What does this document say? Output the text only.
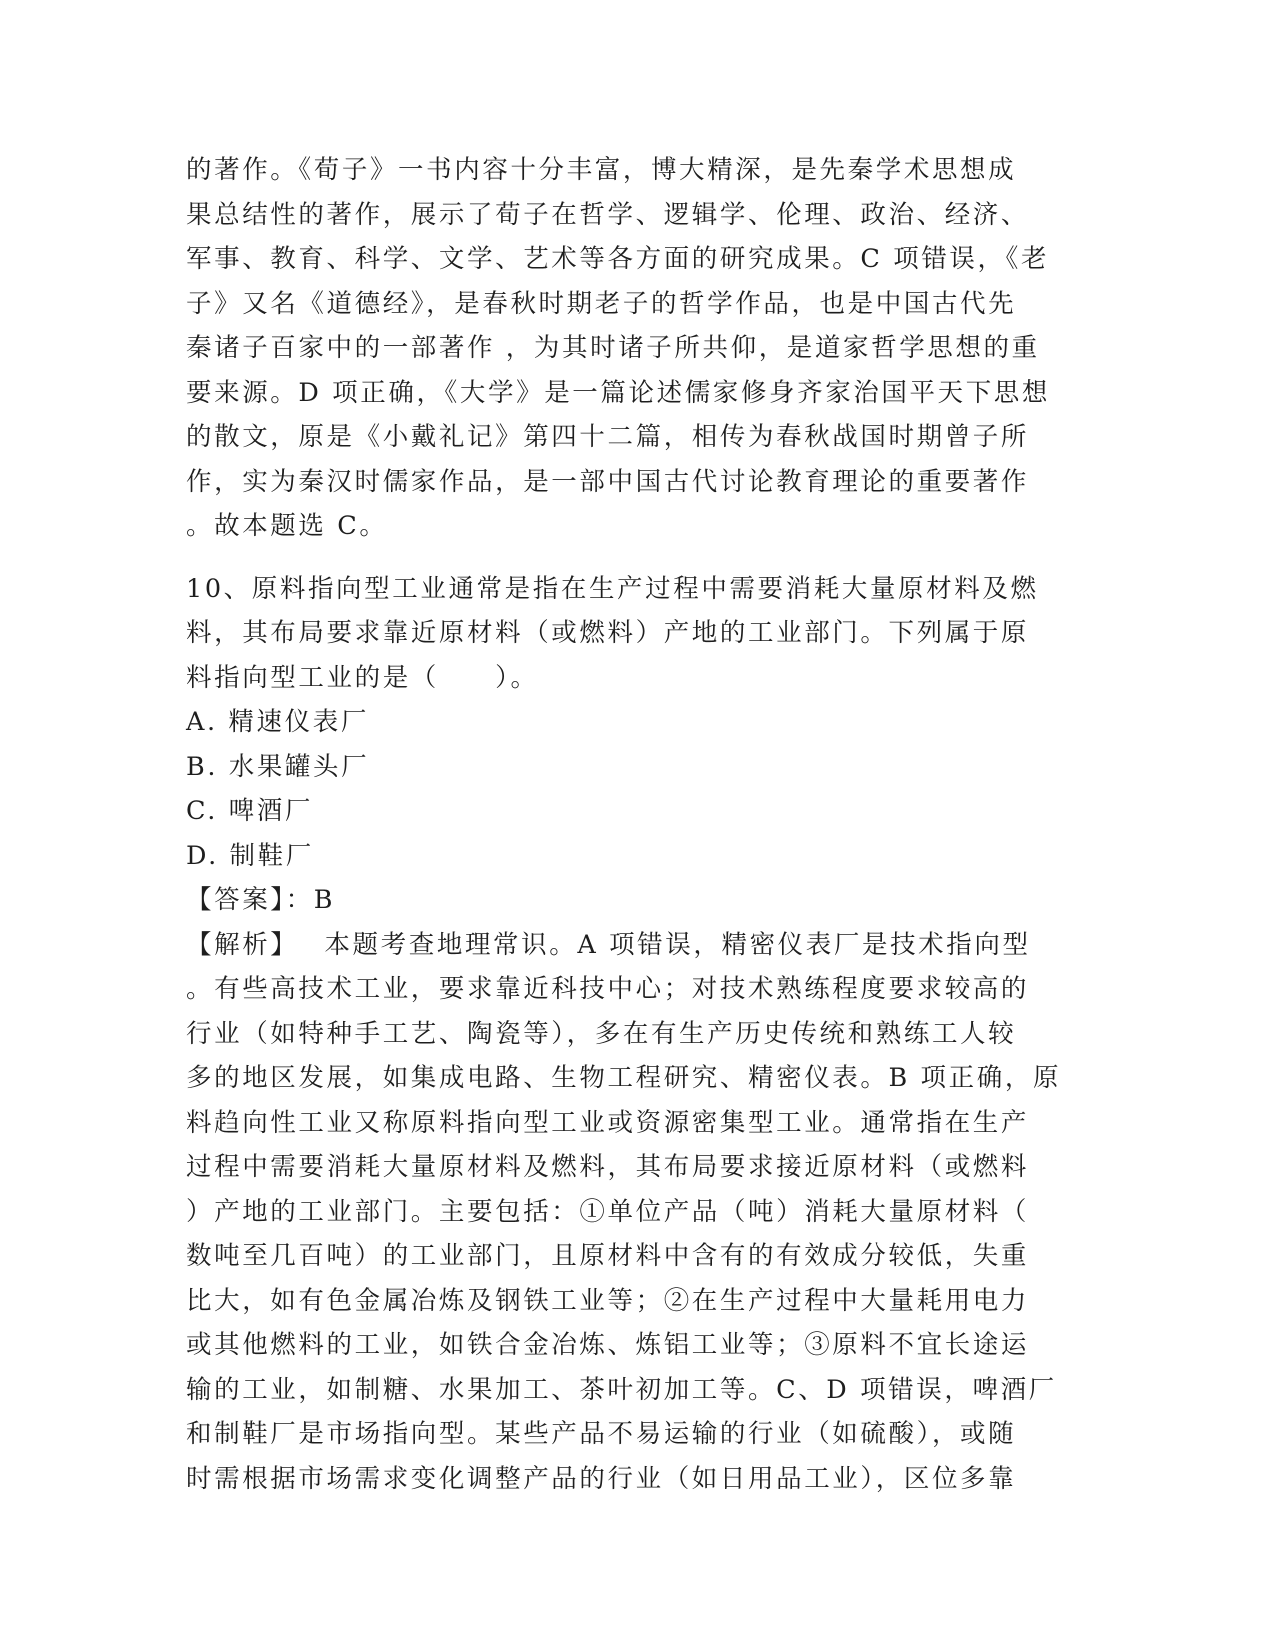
的著作。《荀子》一书内容十分丰富，博大精深，是先秦学术思想成
果总结性的著作，展示了荀子在哲学、逻辑学、伦理、政治、经济、
军事、教育、科学、文学、艺术等各方面的研究成果。C 项错误，《老
子》又名《道德经》，是春秋时期老子的哲学作品，也是中国古代先
秦诸子百家中的一部著作 ，为其时诸子所共仰，是道家哲学思想的重
要来源。D 项正确，《大学》是一篇论述儒家修身齐家治国平天下思想
的散文，原是《小戴礼记》第四十二篇，相传为春秋战国时期曾子所
作，实为秦汉时儒家作品，是一部中国古代讨论教育理论的重要著作
。故本题选 C。
10、原料指向型工业通常是指在生产过程中需要消耗大量原材料及燃
料，其布局要求靠近原材料（或燃料）产地的工业部门。下列属于原
料指向型工业的是（　　）。
A. 精速仪表厂
B. 水果罐头厂
C. 啤酒厂
D. 制鞋厂
【答案】：B
【解析】　 本题考查地理常识。A 项错误，精密仪表厂是技术指向型
。有些高技术工业，要求靠近科技中心；对技术熟练程度要求较高的
行业（如特种手工艺、陶瓷等），多在有生产历史传统和熟练工人较
多的地区发展，如集成电路、生物工程研究、精密仪表。B 项正确，原
料趋向性工业又称原料指向型工业或资源密集型工业。通常指在生产
过程中需要消耗大量原材料及燃料，其布局要求接近原材料（或燃料
）产地的工业部门。主要包括：①单位产品（吨）消耗大量原材料（
数吨至几百吨）的工业部门，且原材料中含有的有效成分较低，失重
比大，如有色金属冶炼及钢铁工业等；②在生产过程中大量耗用电力
或其他燃料的工业，如铁合金冶炼、炼铝工业等；③原料不宜长途运
输的工业，如制糖、水果加工、茶叶初加工等。C、D 项错误，啤酒厂
和制鞋厂是市场指向型。某些产品不易运输的行业（如硫酸），或随
时需根据市场需求变化调整产品的行业（如日用品工业），区位多靠
